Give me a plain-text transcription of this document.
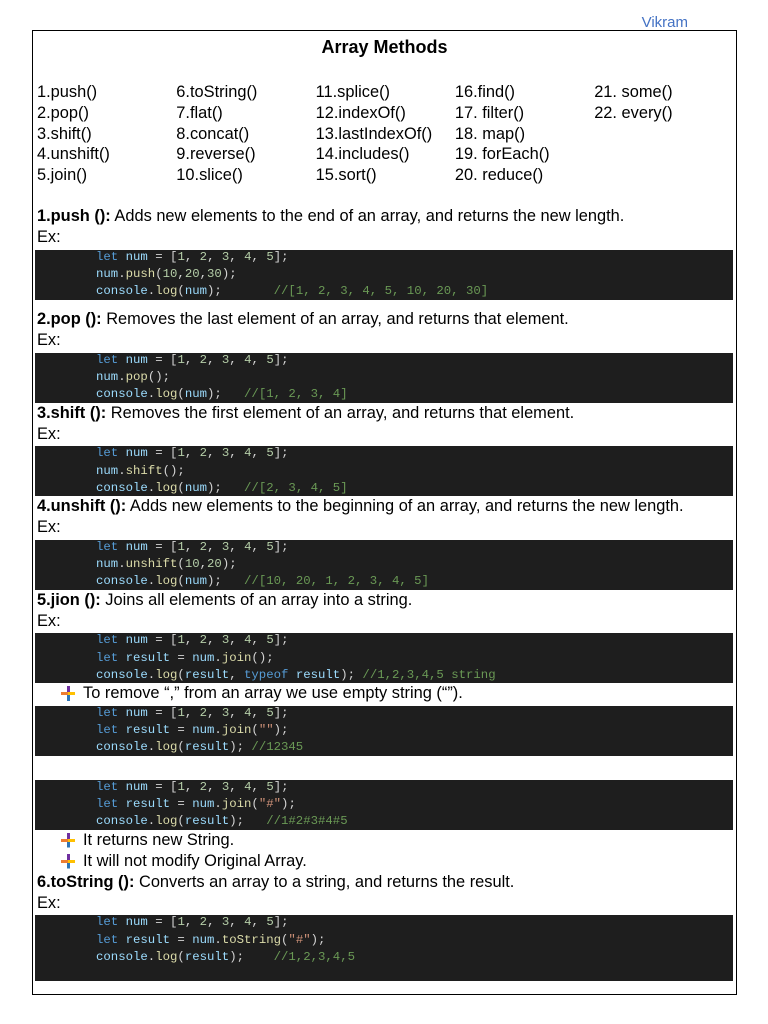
Vikram
Array Methods
1.push()
2.pop()
3.shift()
4.unshift()
5.join()
6.toString()
7.flat()
8.concat()
9.reverse()
10.slice()
11.splice()
12.indexOf()
13.lastIndexOf()
14.includes()
15.sort()
16.find()
17. filter()
18. map()
19. forEach()
20. reduce()
21. some()
22. every()
1.push (): Adds new elements to the end of an array, and returns the new length.
Ex:
let num = [1, 2, 3, 4, 5];
num.push(10,20,30);
console.log(num);	//[1, 2, 3, 4, 5, 10, 20, 30]
2.pop (): Removes the last element of an array, and returns that element.
Ex:
let num = [1, 2, 3, 4, 5];
num.pop();
console.log(num); //[1, 2, 3, 4]
3.shift (): Removes the first element of an array, and returns that element.
Ex:
let num = [1, 2, 3, 4, 5];
num.shift();
console.log(num); //[2, 3, 4, 5]
4.unshift (): Adds new elements to the beginning of an array, and returns the new length.
Ex:
let num = [1, 2, 3, 4, 5];
num.unshift(10,20);
console.log(num); //[10, 20, 1, 2, 3, 4, 5]
5.jion (): Joins all elements of an array into a string.
Ex:
let num = [1, 2, 3, 4, 5];
let result = num.join();
console.log(result, typeof result); //1,2,3,4,5 string
To remove “,” from an array we use empty string (“”).
let num = [1, 2, 3, 4, 5];
let result = num.join("");
console.log(result); //12345
let num = [1, 2, 3, 4, 5];
let result = num.join("#");
console.log(result); //1#2#3#4#5
It returns new String.
It will not modify Original Array.
6.toString (): Converts an array to a string, and returns the result.
Ex:
let num = [1, 2, 3, 4, 5];
let result = num.toString("#");
console.log(result); //1,2,3,4,5
